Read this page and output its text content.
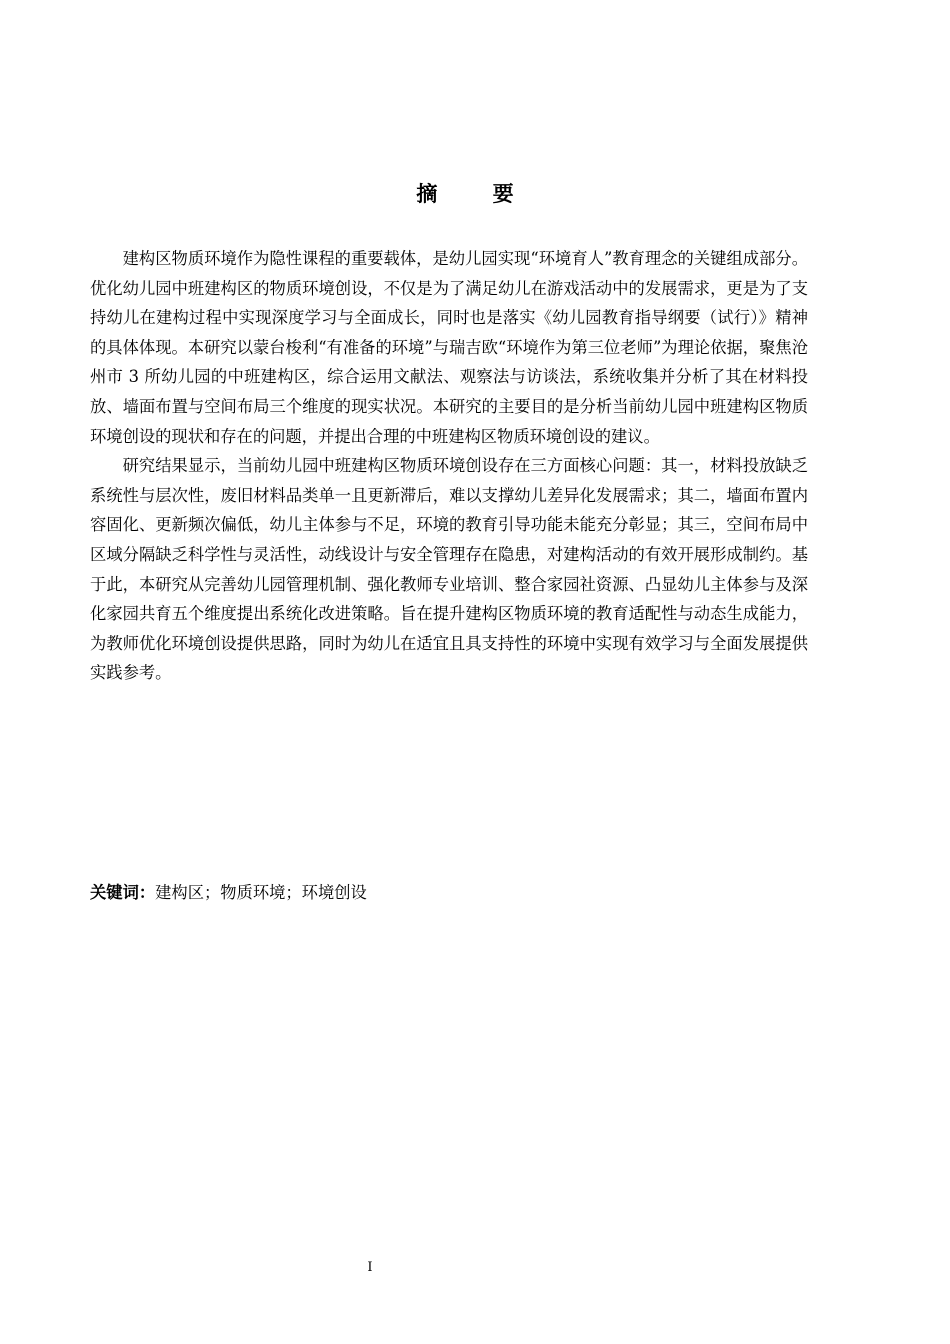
摘 要

建构区物质环境作为隐性课程的重要载体，是幼儿园实现“环境育人”教育理念的关键组成部分。优化幼儿园中班建构区的物质环境创设，不仅是为了满足幼儿在游戏活动中的发展需求，更是为了支持幼儿在建构过程中实现深度学习与全面成长，同时也是落实《幼儿园教育指导纲要（试行）》精神的具体体现。本研究以蒙台梭利“有准备的环境”与瑞吉欧“环境作为第三位老师”为理论依据，聚焦沧州市 3 所幼儿园的中班建构区，综合运用文献法、观察法与访谈法，系统收集并分析了其在材料投放、墙面布置与空间布局三个维度的现实状况。本研究的主要目的是分析当前幼儿园中班建构区物质环境创设的现状和存在的问题，并提出合理的中班建构区物质环境创设的建议。

研究结果显示，当前幼儿园中班建构区物质环境创设存在三方面核心问题：其一，材料投放缺乏系统性与层次性，废旧材料品类单一且更新滞后，难以支撑幼儿差异化发展需求；其二，墙面布置内容固化、更新频次偏低，幼儿主体参与不足，环境的教育引导功能未能充分彰显；其三，空间布局中区域分隔缺乏科学性与灵活性，动线设计与安全管理存在隐患，对建构活动的有效开展形成制约。基于此，本研究从完善幼儿园管理机制、强化教师专业培训、整合家园社资源、凸显幼儿主体参与及深化家园共育五个维度提出系统化改进策略。旨在提升建构区物质环境的教育适配性与动态生成能力，为教师优化环境创设提供思路，同时为幼儿在适宜且具支持性的环境中实现有效学习与全面发展提供实践参考。

关键词：建构区；物质环境；环境创设
I
